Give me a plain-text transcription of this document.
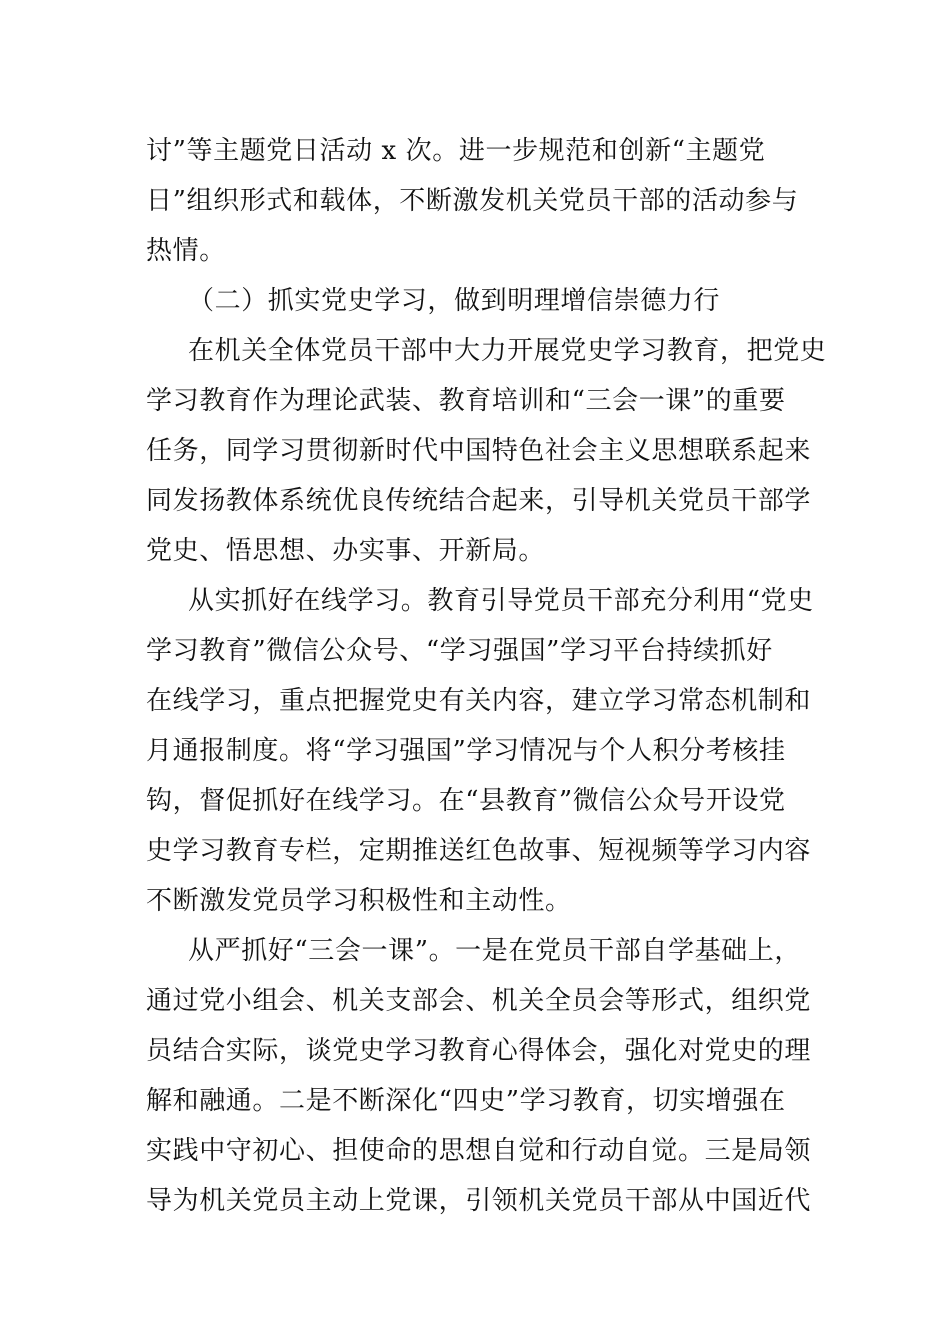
讨”等主题党日活动 x 次。进一步规范和创新“主题党
日”组织形式和载体，不断激发机关党员干部的活动参与
热情。
（二）抓实党史学习，做到明理增信崇德力行
在机关全体党员干部中大力开展党史学习教育，把党史
学习教育作为理论武装、教育培训和“三会一课”的重要
任务，同学习贯彻新时代中国特色社会主义思想联系起来
同发扬教体系统优良传统结合起来，引导机关党员干部学
党史、悟思想、办实事、开新局。
从实抓好在线学习。教育引导党员干部充分利用“党史
学习教育”微信公众号、“学习强国”学习平台持续抓好
在线学习，重点把握党史有关内容，建立学习常态机制和
月通报制度。将“学习强国”学习情况与个人积分考核挂
钩，督促抓好在线学习。在“县教育”微信公众号开设党
史学习教育专栏，定期推送红色故事、短视频等学习内容
不断激发党员学习积极性和主动性。
从严抓好“三会一课”。一是在党员干部自学基础上，
通过党小组会、机关支部会、机关全员会等形式，组织党
员结合实际，谈党史学习教育心得体会，强化对党史的理
解和融通。二是不断深化“四史”学习教育，切实增强在
实践中守初心、担使命的思想自觉和行动自觉。三是局领
导为机关党员主动上党课，引领机关党员干部从中国近代
